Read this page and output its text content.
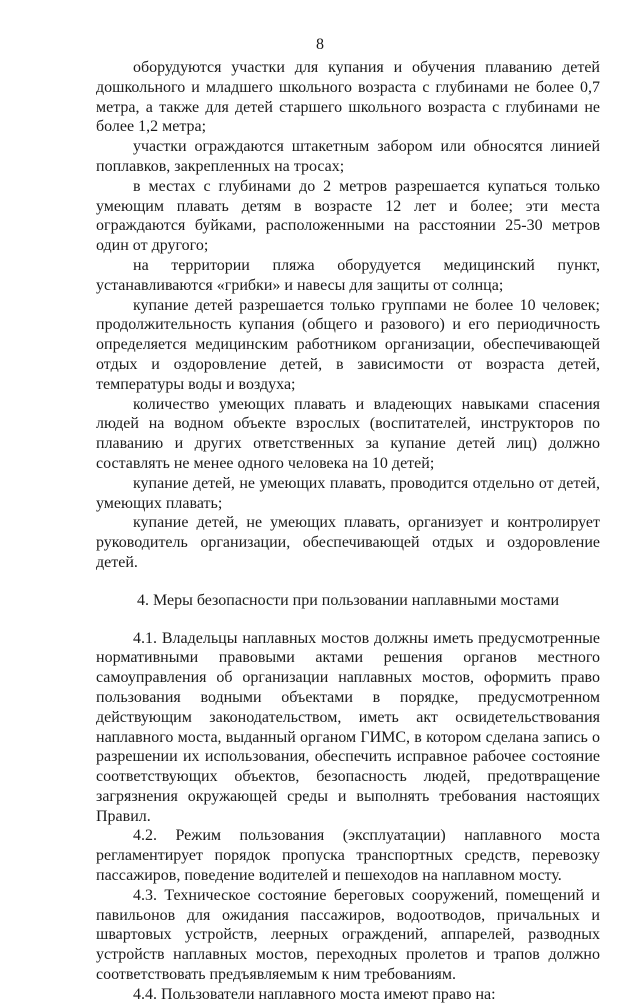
8

оборудуются участки для купания и обучения плаванию детей дошкольного и младшего школьного возраста с глубинами не более 0,7 метра, а также для детей старшего школьного возраста с глубинами не более 1,2 метра;

участки ограждаются штакетным забором или обносятся линией поплавков, закрепленных на тросах;

в местах с глубинами до 2 метров разрешается купаться только умеющим плавать детям в возрасте 12 лет и более; эти места ограждаются буйками, расположенными на расстоянии 25-30 метров один от другого;

на территории пляжа оборудуется медицинский пункт, устанавливаются «грибки» и навесы для защиты от солнца;

купание детей разрешается только группами не более 10 человек; продолжительность купания (общего и разового) и его периодичность определяется медицинским работником организации, обеспечивающей отдых и оздоровление детей, в зависимости от возраста детей, температуры воды и воздуха;

количество умеющих плавать и владеющих навыками спасения людей на водном объекте взрослых (воспитателей, инструкторов по плаванию и других ответственных за купание детей лиц) должно составлять не менее одного человека на 10 детей;

купание детей, не умеющих плавать, проводится отдельно от детей, умеющих плавать;

купание детей, не умеющих плавать, организует и контролирует руководитель организации, обеспечивающей отдых и оздоровление детей.

4. Меры безопасности при пользовании наплавными мостами

4.1. Владельцы наплавных мостов должны иметь предусмотренные нормативными правовыми актами решения органов местного самоуправления об организации наплавных мостов, оформить право пользования водными объектами в порядке, предусмотренном действующим законодательством, иметь акт освидетельствования наплавного моста, выданный органом ГИМС, в котором сделана запись о разрешении их использования, обеспечить исправное рабочее состояние соответствующих объектов, безопасность людей, предотвращение загрязнения окружающей среды и выполнять требования настоящих Правил.

4.2. Режим пользования (эксплуатации) наплавного моста регламентирует порядок пропуска транспортных средств, перевозку пассажиров, поведение водителей и пешеходов на наплавном мосту.

4.3. Техническое состояние береговых сооружений, помещений и павильонов для ожидания пассажиров, водоотводов, причальных и швартовых устройств, леерных ограждений, аппарелей, разводных устройств наплавных мостов, переходных пролетов и трапов должно соответствовать предъявляемым к ним требованиям.

4.4. Пользователи наплавного моста имеют право на:
